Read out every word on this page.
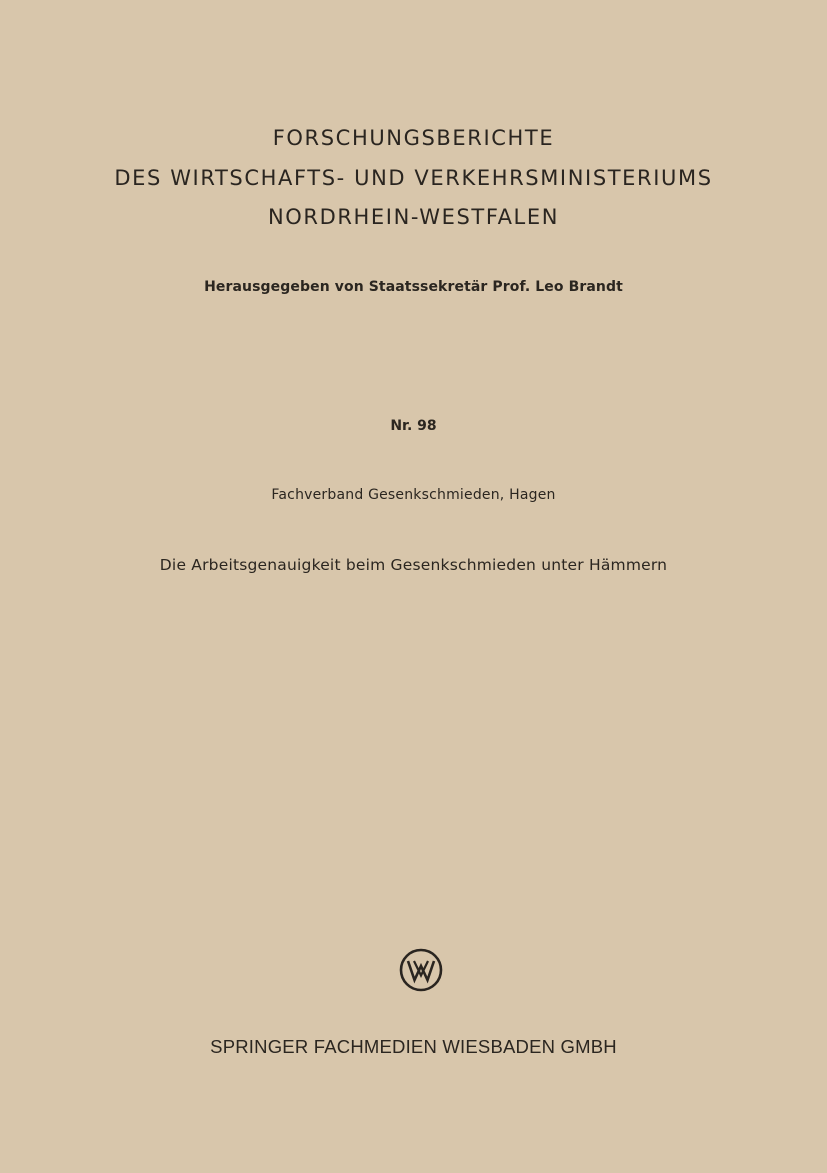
FORSCHUNGSBERICHTE
DES WIRTSCHAFTS- UND VERKEHRSMINISTERIUMS
NORDRHEIN-WESTFALEN
Herausgegeben von Staatssekretär Prof. Leo Brandt
Nr. 98
Fachverband Gesenkschmieden, Hagen
Die Arbeitsgenauigkeit beim Gesenkschmieden unter Hämmern
SPRINGER FACHMEDIEN WIESBADEN GMBH
